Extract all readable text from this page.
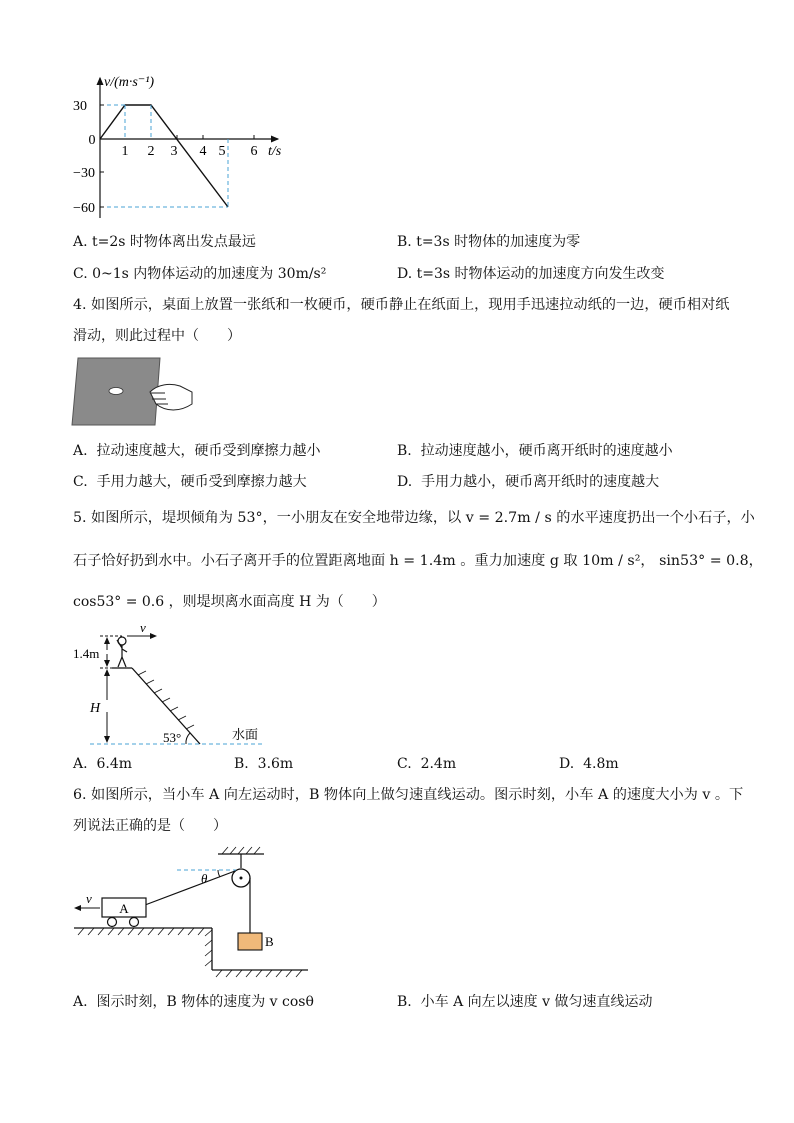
v/(m·s⁻¹)
t/s
30
0
−30
−60
1 2 3 4 5 6
A. t=2s 时物体离出发点最远	B. t=3s 时物体的加速度为零
C. 0~1s 内物体运动的加速度为 30m/s²	D. t=3s 时物体运动的加速度方向发生改变
4. 如图所示，桌面上放置一张纸和一枚硬币，硬币静止在纸面上，现用手迅速拉动纸的一边，硬币相对纸
滑动，则此过程中（　　）
A. 拉动速度越大，硬币受到摩擦力越小	B. 拉动速度越小，硬币离开纸时的速度越小
C. 手用力越大，硬币受到摩擦力越大	D. 手用力越小，硬币离开纸时的速度越大
5. 如图所示，堤坝倾角为 53°，一小朋友在安全地带边缘，以 v = 2.7m / s 的水平速度扔出一个小石子，小
石子恰好扔到水中。小石子离开手的位置距离地面 h = 1.4m 。重力加速度 g 取 10m / s²， sin53° = 0.8，
cos53° = 0.6 ，则堤坝离水面高度 H 为（　　）
v
1.4m
H
53°	水面
A. 6.4m	B. 3.6m	C. 2.4m	D. 4.8m
6. 如图所示，当小车 A 向左运动时，B 物体向上做匀速直线运动。图示时刻，小车 A 的速度大小为 v 。下
列说法正确的是（　　）
v
A
B
θ
A. 图示时刻，B 物体的速度为 v cosθ	B. 小车 A 向左以速度 v 做匀速直线运动
